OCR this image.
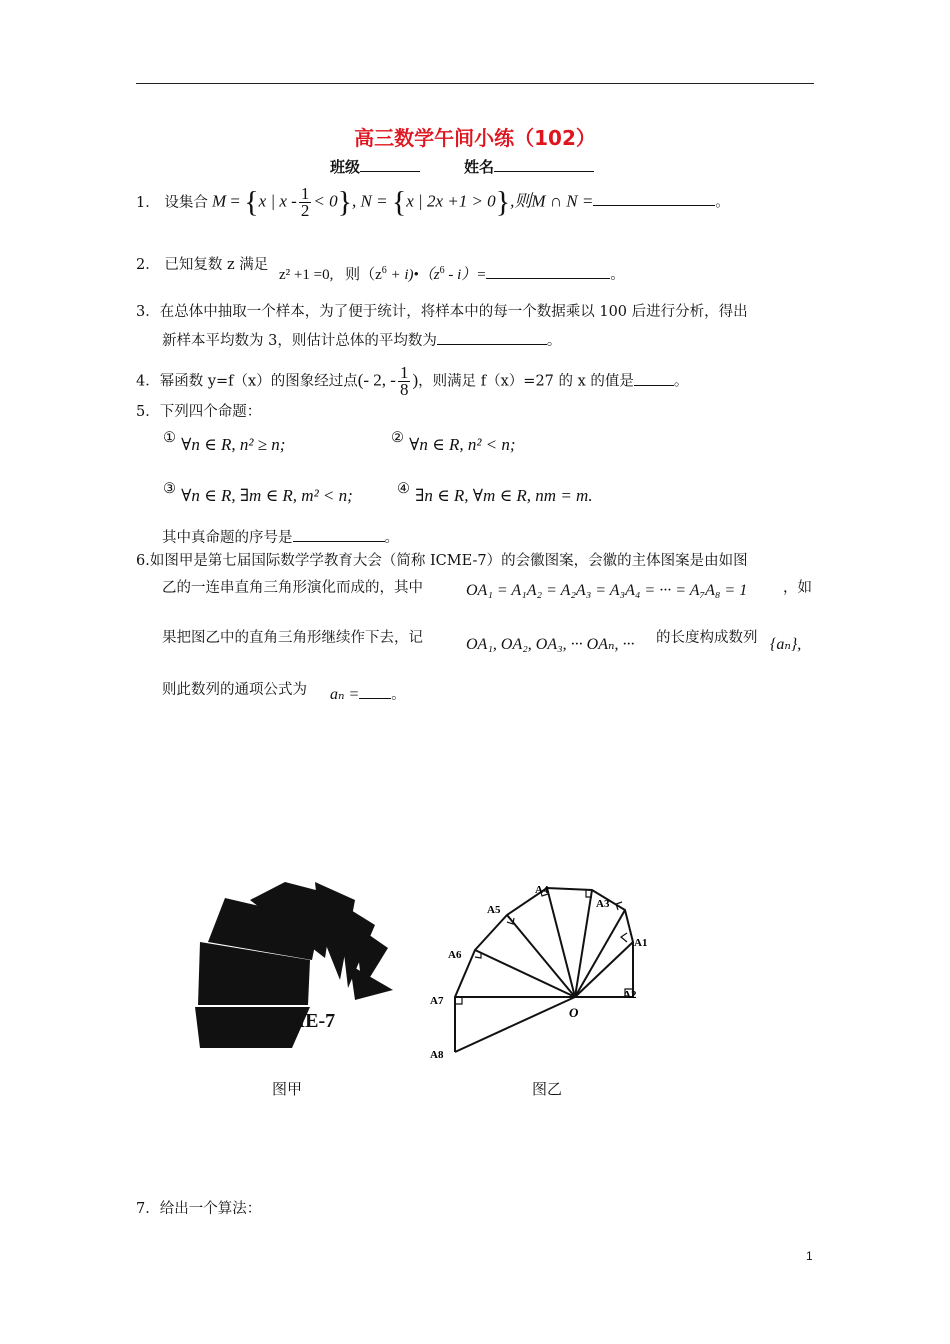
高三数学午间小练（102）
班级	姓名
1． 设集合 M = {x | $x - \frac{1}{2} < 0$}, N = {x | 2x +1 > 0},则M ∩ N =	。
2． 已知复数 z 满足
z² +1 =0, 则（$z^6$ + $i)•(z^6 - i)=$	。
3．在总体中抽取一个样本，为了便于统计，将样本中的每一个数据乘以 100 后进行分析，得出
新样本平均数为 3，则估计总体的平均数为	。
4．幂函数 y=f（x）的图象经过点(- 2, - $\frac{1}{8}$ )，则满足 f（x）=27 的 x 的值是	。
5．下列四个命题：
① ∀n ∈ R, n² ≥ n;	② ∀n ∈ R, n² < n;
③ ∀n ∈ R, ∃m ∈ R, m² < n;	④ ∃n ∈ R, ∀m ∈ R, nm = m.
其中真命题的序号是	。
6.如图甲是第七届国际数学学教育大会（简称 ICME-7）的会徽图案，会徽的主体图案是由如图
乙的一连串直角三角形演化而成的，其中	OA₁ = A₁A₂ = A₂A₃ = A₃A₄ = ··· = A₇A₈ = 1 ，如
果把图乙中的直角三角形继续作下去，记	OA₁, OA₂, OA₃, ··· OAₙ, ··· 的长度构成数列 {aₙ},
则此数列的通项公式为 aₙ = 。
ICME-7
图甲
A1
A2
A3
A4
A5
A6
A7
A8
O
图乙
7．给出一个算法：
1
